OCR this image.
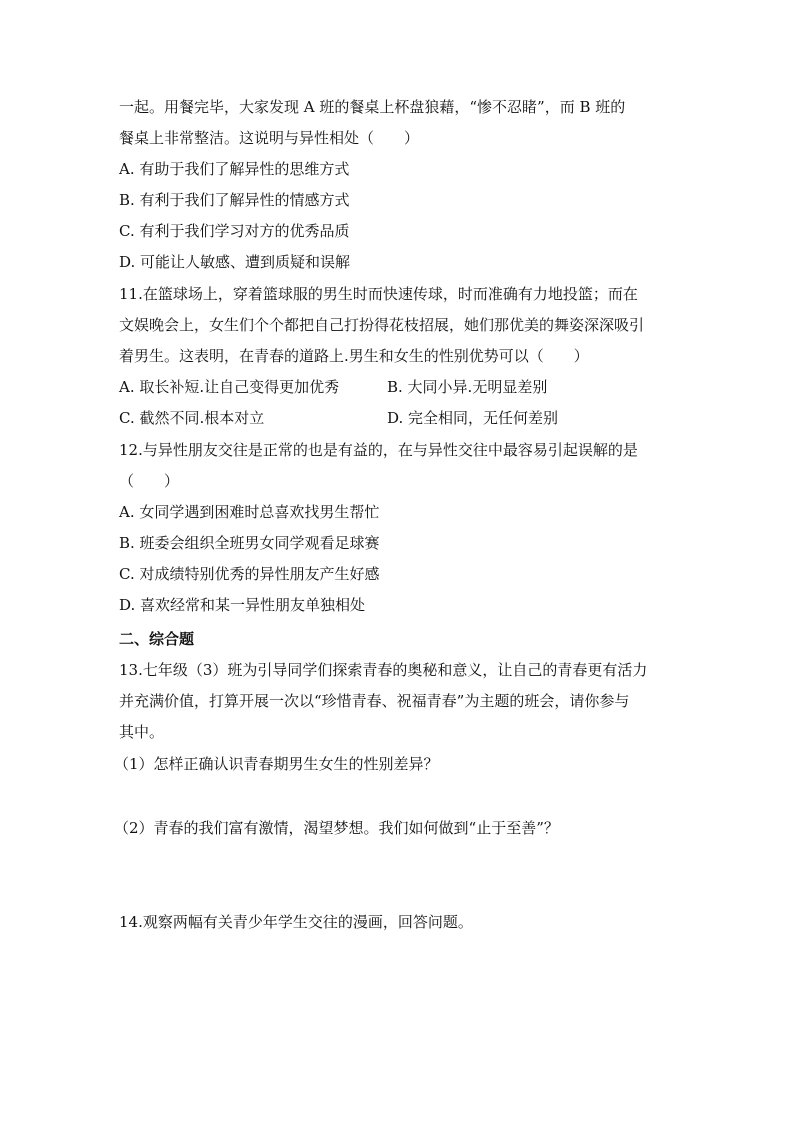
一起。用餐完毕，大家发现 A 班的餐桌上杯盘狼藉，“惨不忍睹”，而 B 班的
餐桌上非常整洁。这说明与异性相处（　　）
A. 有助于我们了解异性的思维方式
B. 有利于我们了解异性的情感方式
C. 有利于我们学习对方的优秀品质
D. 可能让人敏感、遭到质疑和误解
11.在篮球场上，穿着篮球服的男生时而快速传球，时而准确有力地投篮；而在
文娱晚会上，女生们个个都把自己打扮得花枝招展，她们那优美的舞姿深深吸引
着男生。这表明，在青春的道路上.男生和女生的性别优势可以（　　）
A. 取长补短.让自己变得更加优秀	B. 大同小异.无明显差别
C. 截然不同.根本对立	D. 完全相同，无任何差别
12.与异性朋友交往是正常的也是有益的，在与异性交往中最容易引起误解的是
（　　）
A. 女同学遇到困难时总喜欢找男生帮忙
B. 班委会组织全班男女同学观看足球赛
C. 对成绩特别优秀的异性朋友产生好感
D. 喜欢经常和某一异性朋友单独相处
二、综合题
13.七年级（3）班为引导同学们探索青春的奥秘和意义，让自己的青春更有活力
并充满价值，打算开展一次以“珍惜青春、祝福青春”为主题的班会，请你参与
其中。
（1）怎样正确认识青春期男生女生的性别差异？
（2）青春的我们富有激情，渴望梦想。我们如何做到“止于至善”？
14.观察两幅有关青少年学生交往的漫画，回答问题。
